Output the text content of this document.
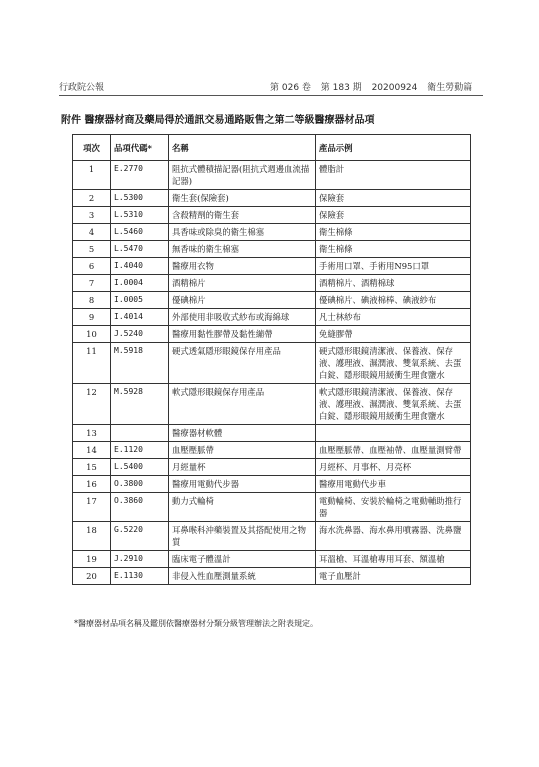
行政院公報	第 026 卷 第 183 期 20200924 衛生勞動篇
附件 醫療器材商及藥局得於通訊交易通路販售之第二等級醫療器材品項
項次	品項代碼*	名稱	產品示例
1	E.2770	阻抗式體積描記器(阻抗式週邊血流描記器)	體脂計
2	L.5300	衛生套(保險套)	保險套
3	L.5310	含殺精劑的衛生套	保險套
4	L.5460	具香味或除臭的衛生棉塞	衛生棉條
5	L.5470	無香味的衛生棉塞	衛生棉條
6	I.4040	醫療用衣物	手術用口罩、手術用N95口罩
7	I.0004	酒精棉片	酒精棉片、酒精棉球
8	I.0005	優碘棉片	優碘棉片、碘液棉棒、碘液紗布
9	I.4014	外部使用非吸收式紗布或海綿球	凡士林紗布
10	J.5240	醫療用黏性膠帶及黏性繃帶	免縫膠帶
11	M.5918	硬式透氣隱形眼鏡保存用產品	硬式隱形眼鏡清潔液、保養液、保存液、護理液、濕潤液、雙氧系統、去蛋白錠、隱形眼鏡用緩衝生理食鹽水
12	M.5928	軟式隱形眼鏡保存用產品	軟式隱形眼鏡清潔液、保養液、保存液、護理液、濕潤液、雙氧系統、去蛋白錠、隱形眼鏡用緩衝生理食鹽水
13		醫療器材軟體	
14	E.1120	血壓壓脈帶	血壓壓脈帶、血壓袖帶、血壓量測臂帶
15	L.5400	月經量杯	月經杯、月事杯、月亮杯
16	O.3800	醫療用電動代步器	醫療用電動代步車
17	O.3860	動力式輪椅	電動輪椅、安裝於輪椅之電動輔助推行器
18	G.5220	耳鼻喉科沖藥裝置及其搭配使用之物質	海水洗鼻器、海水鼻用噴霧器、洗鼻鹽
19	J.2910	臨床電子體溫計	耳溫槍、耳溫槍專用耳套、額溫槍
20	E.1130	非侵入性血壓測量系統	電子血壓計
*醫療器材品項名稱及鑑別依醫療器材分類分級管理辦法之附表規定。
